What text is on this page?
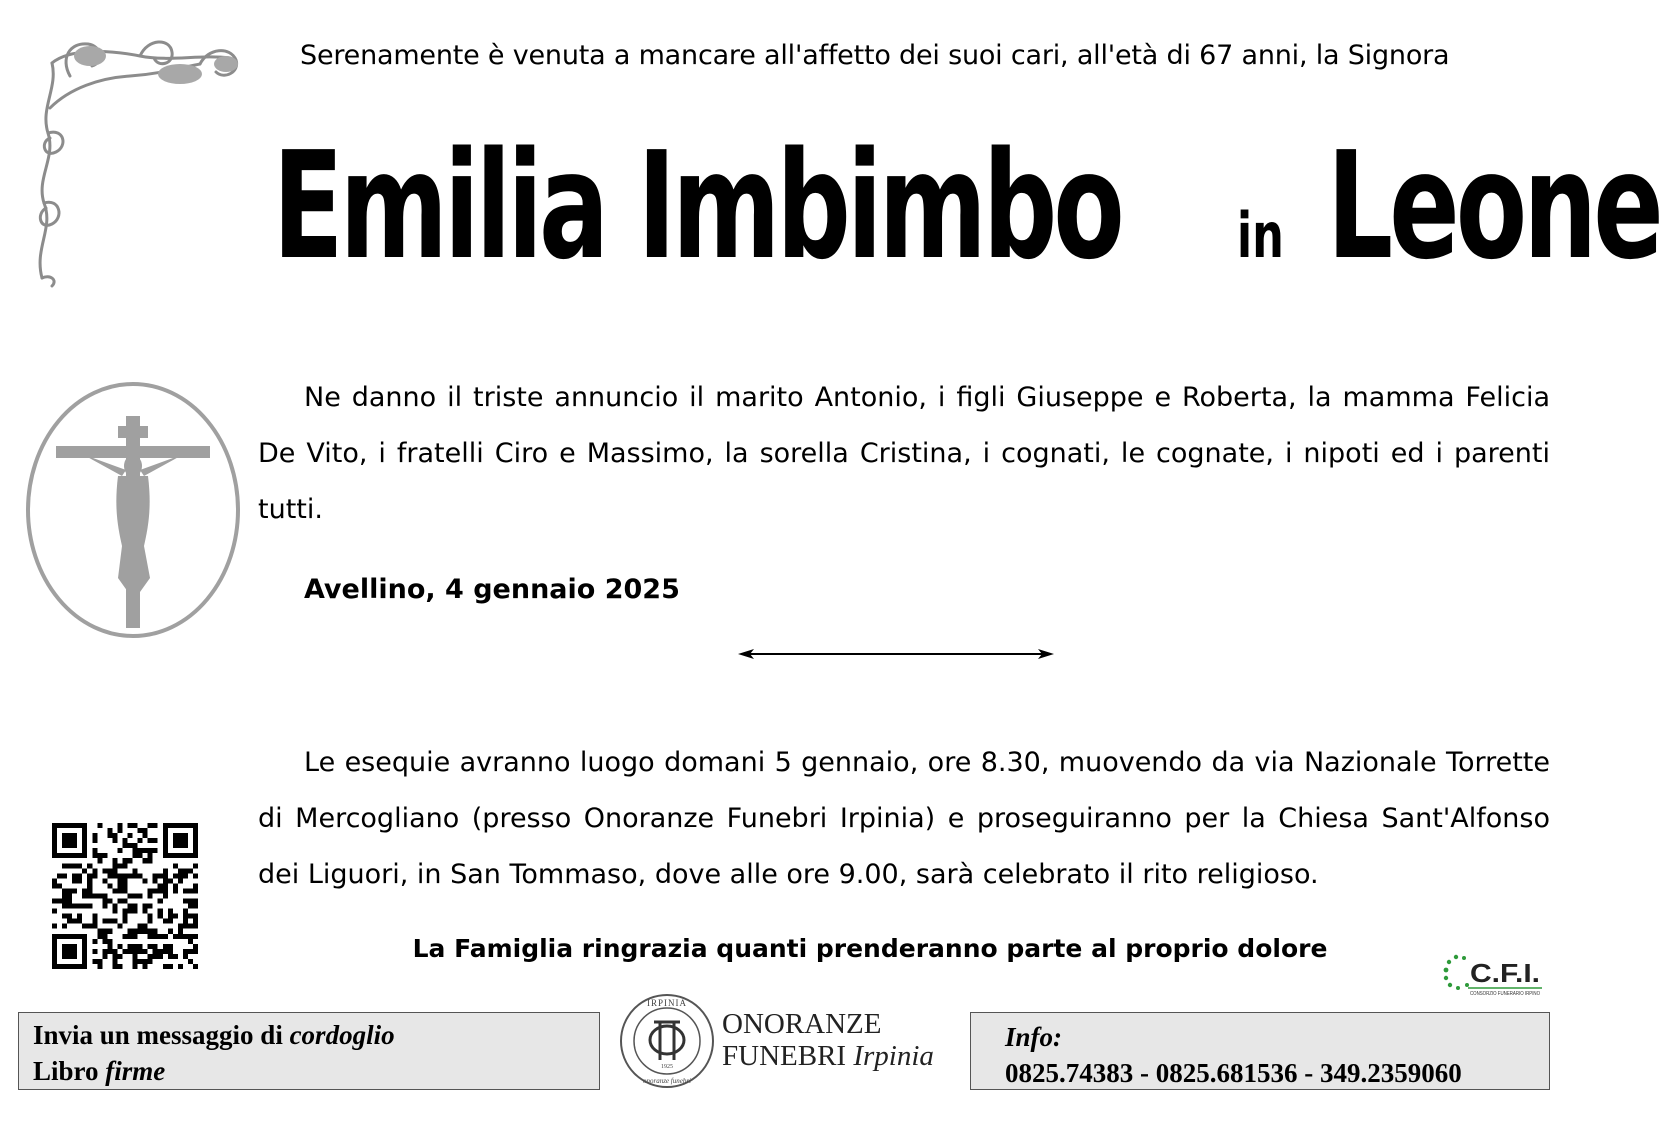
Serenamente è venuta a mancare all'affetto dei suoi cari, all'età di 67 anni, la Signora
Emilia Imbimbo in Leone
Ne danno il triste annuncio il marito Antonio, i figli Giuseppe e Roberta, la mamma Felicia De Vito, i fratelli Ciro e Massimo, la sorella Cristina, i cognati, le cognate, i nipoti ed i parenti tutti.
Avellino, 4 gennaio 2025
Le esequie avranno luogo domani 5 gennaio, ore 8.30, muovendo da via Nazionale Torrette di Mercogliano (presso Onoranze Funebri Irpinia) e proseguiranno per la Chiesa Sant'Alfonso dei Liguori, in San Tommaso, dove alle ore 9.00, sarà celebrato il rito religioso.
La Famiglia ringrazia quanti prenderanno parte al proprio dolore
C.F.I.
CONSORZIO FUNERARIO IRPINO
Invia un messaggio di cordoglio
Libro firme
IRPINIA
1925
onoranze funebri
ONORANZE
FUNEBRI Irpinia
Info:
0825.74383 - 0825.681536 - 349.2359060
